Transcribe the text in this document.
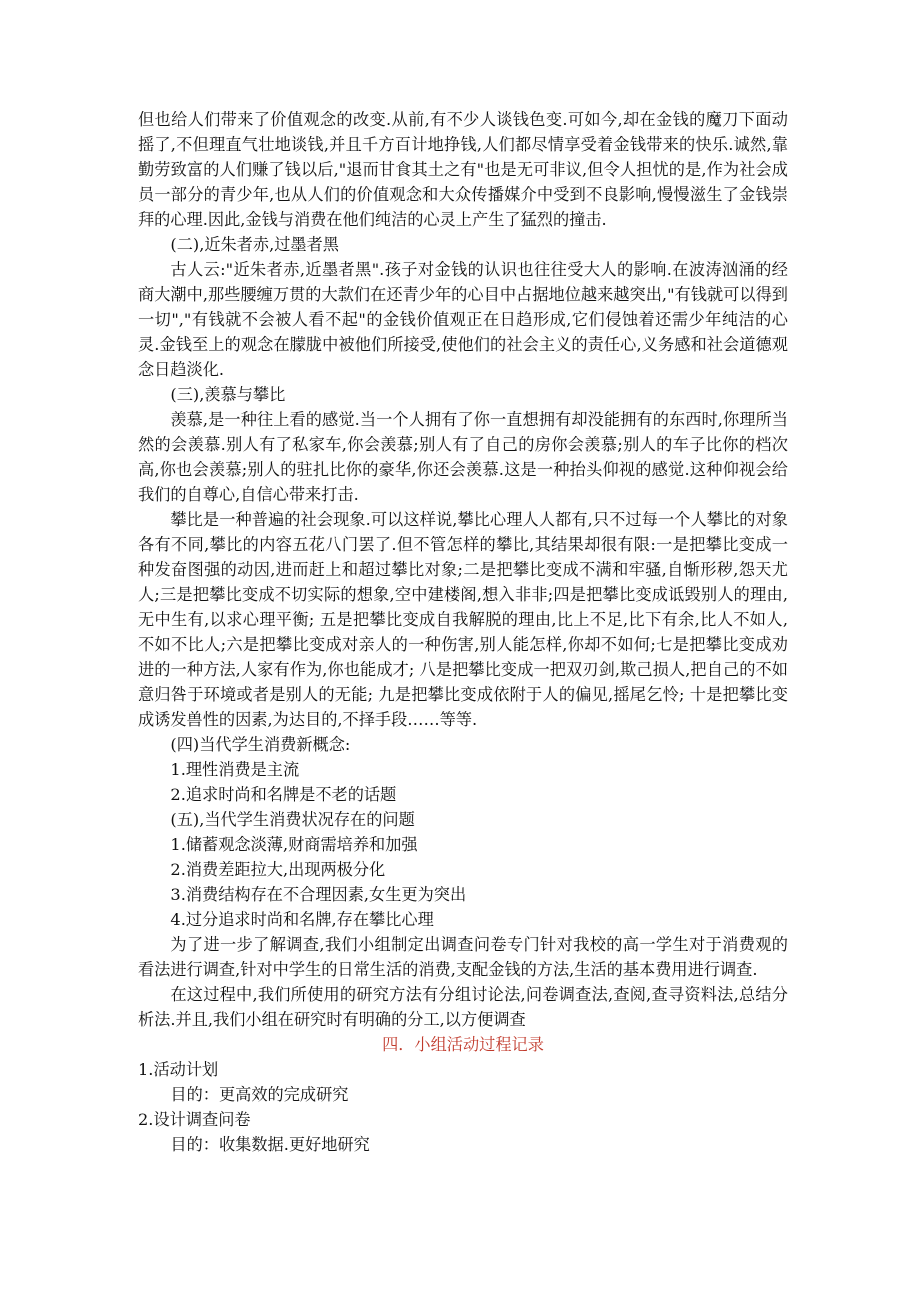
但也给人们带来了价值观念的改变.从前,有不少人谈钱色变.可如今,却在金钱的魔刀下面动摇了,不但理直气壮地谈钱,并且千方百计地挣钱,人们都尽情享受着金钱带来的快乐.诚然,靠勤劳致富的人们赚了钱以后,"退而甘食其土之有"也是无可非议,但令人担忧的是,作为社会成员一部分的青少年,也从人们的价值观念和大众传播媒介中受到不良影响,慢慢滋生了金钱崇拜的心理.因此,金钱与消费在他们纯洁的心灵上产生了猛烈的撞击.

(二),近朱者赤,过墨者黑

古人云:"近朱者赤,近墨者黑".孩子对金钱的认识也往往受大人的影响.在波涛汹涌的经商大潮中,那些腰缠万贯的大款们在还青少年的心目中占据地位越来越突出,"有钱就可以得到一切","有钱就不会被人看不起"的金钱价值观正在日趋形成,它们侵蚀着还需少年纯洁的心灵.金钱至上的观念在朦胧中被他们所接受,使他们的社会主义的责任心,义务感和社会道德观念日趋淡化.

(三),羡慕与攀比

羡慕,是一种往上看的感觉.当一个人拥有了你一直想拥有却没能拥有的东西时,你理所当然的会羡慕.别人有了私家车,你会羡慕;别人有了自己的房你会羡慕;别人的车子比你的档次高,你也会羡慕;别人的驻扎比你的豪华,你还会羡慕.这是一种抬头仰视的感觉.这种仰视会给我们的自尊心,自信心带来打击.

攀比是一种普遍的社会现象.可以这样说,攀比心理人人都有,只不过每一个人攀比的对象各有不同,攀比的内容五花八门罢了.但不管怎样的攀比,其结果却很有限:一是把攀比变成一种发奋图强的动因,进而赶上和超过攀比对象;二是把攀比变成不满和牢骚,自惭形秽,怨天尤人;三是把攀比变成不切实际的想象,空中建楼阁,想入非非;四是把攀比变成诋毁别人的理由,无中生有,以求心理平衡; 五是把攀比变成自我解脱的理由,比上不足,比下有余,比人不如人,不如不比人;六是把攀比变成对亲人的一种伤害,别人能怎样,你却不如何;七是把攀比变成劝进的一种方法,人家有作为,你也能成才; 八是把攀比变成一把双刃剑,欺己损人,把自己的不如意归咎于环境或者是别人的无能; 九是把攀比变成依附于人的偏见,摇尾乞怜; 十是把攀比变成诱发兽性的因素,为达目的,不择手段……等等.

(四)当代学生消费新概念:

1.理性消费是主流

2.追求时尚和名牌是不老的话题

(五),当代学生消费状况存在的问题

1.储蓄观念淡薄,财商需培养和加强

2.消费差距拉大,出现两极分化

3.消费结构存在不合理因素,女生更为突出

4.过分追求时尚和名牌,存在攀比心理

为了进一步了解调查,我们小组制定出调查问卷专门针对我校的高一学生对于消费观的看法进行调查,针对中学生的日常生活的消费,支配金钱的方法,生活的基本费用进行调查.

在这过程中,我们所使用的研究方法有分组讨论法,问卷调查法,查阅,查寻资料法,总结分析法.并且,我们小组在研究时有明确的分工,以方便调查

四．小组活动过程记录

1.活动计划

目的：更高效的完成研究

2.设计调查问卷

目的：收集数据.更好地研究
